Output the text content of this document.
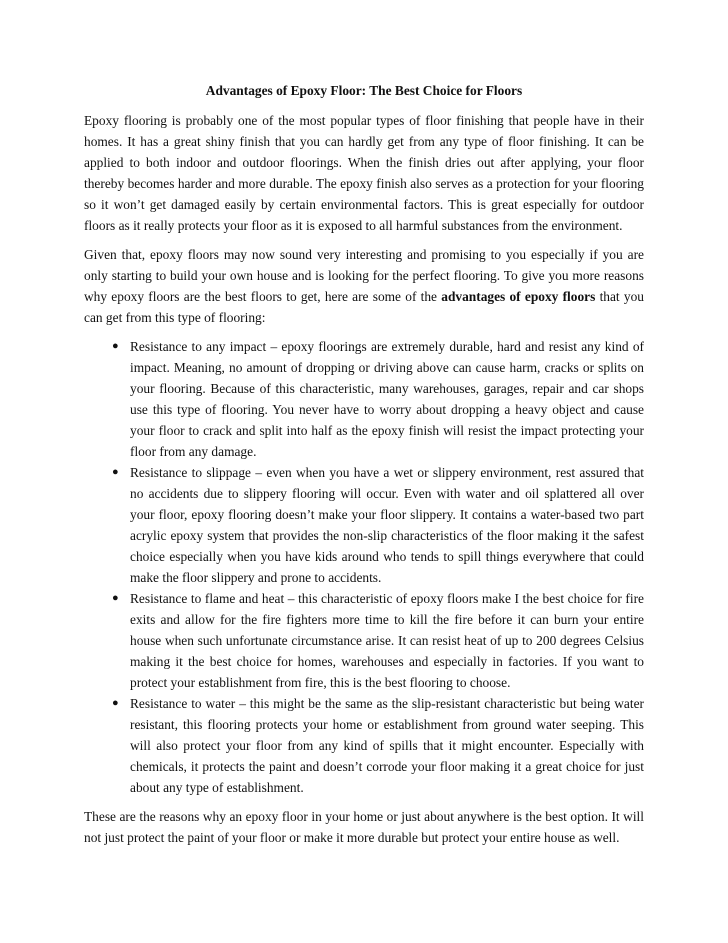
Advantages of Epoxy Floor: The Best Choice for Floors

Epoxy flooring is probably one of the most popular types of floor finishing that people have in their homes. It has a great shiny finish that you can hardly get from any type of floor finishing. It can be applied to both indoor and outdoor floorings. When the finish dries out after applying, your floor thereby becomes harder and more durable. The epoxy finish also serves as a protection for your flooring so it won’t get damaged easily by certain environmental factors. This is great especially for outdoor floors as it really protects your floor as it is exposed to all harmful substances from the environment.

Given that, epoxy floors may now sound very interesting and promising to you especially if you are only starting to build your own house and is looking for the perfect flooring. To give you more reasons why epoxy floors are the best floors to get, here are some of the advantages of epoxy floors that you can get from this type of flooring:

● Resistance to any impact – epoxy floorings are extremely durable, hard and resist any kind of impact. Meaning, no amount of dropping or driving above can cause harm, cracks or splits on your flooring. Because of this characteristic, many warehouses, garages, repair and car shops use this type of flooring. You never have to worry about dropping a heavy object and cause your floor to crack and split into half as the epoxy finish will resist the impact protecting your floor from any damage.
● Resistance to slippage – even when you have a wet or slippery environment, rest assured that no accidents due to slippery flooring will occur. Even with water and oil splattered all over your floor, epoxy flooring doesn’t make your floor slippery. It contains a water-based two part acrylic epoxy system that provides the non-slip characteristics of the floor making it the safest choice especially when you have kids around who tends to spill things everywhere that could make the floor slippery and prone to accidents.
● Resistance to flame and heat – this characteristic of epoxy floors make I the best choice for fire exits and allow for the fire fighters more time to kill the fire before it can burn your entire house when such unfortunate circumstance arise. It can resist heat of up to 200 degrees Celsius making it the best choice for homes, warehouses and especially in factories. If you want to protect your establishment from fire, this is the best flooring to choose.
● Resistance to water – this might be the same as the slip-resistant characteristic but being water resistant, this flooring protects your home or establishment from ground water seeping. This will also protect your floor from any kind of spills that it might encounter. Especially with chemicals, it protects the paint and doesn’t corrode your floor making it a great choice for just about any type of establishment.

These are the reasons why an epoxy floor in your home or just about anywhere is the best option. It will not just protect the paint of your floor or make it more durable but protect your entire house as well.
